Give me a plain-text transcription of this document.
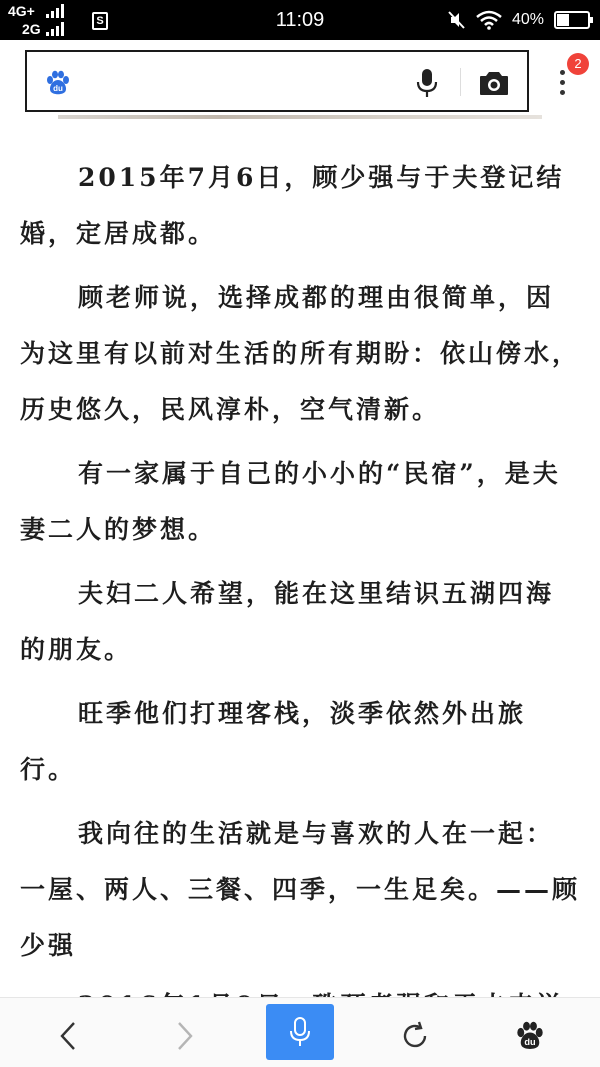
4G+
2G	S	11:09	40%
du
2

2015年7月6日，顾少强与于夫登记结婚，定居成都。

顾老师说，选择成都的理由很简单，因为这里有以前对生活的所有期盼：依山傍水，历史悠久，民风淳朴，空气清新。

有一家属于自己的小小的“民宿”，是夫妻二人的梦想。

夫妇二人希望，能在这里结识五湖四海的朋友。

旺季他们打理客栈，淡季依然外出旅行。

我向往的生活就是与喜欢的人在一起：一屋、两人、三餐、四季，一生足矣。——顾少强

du
